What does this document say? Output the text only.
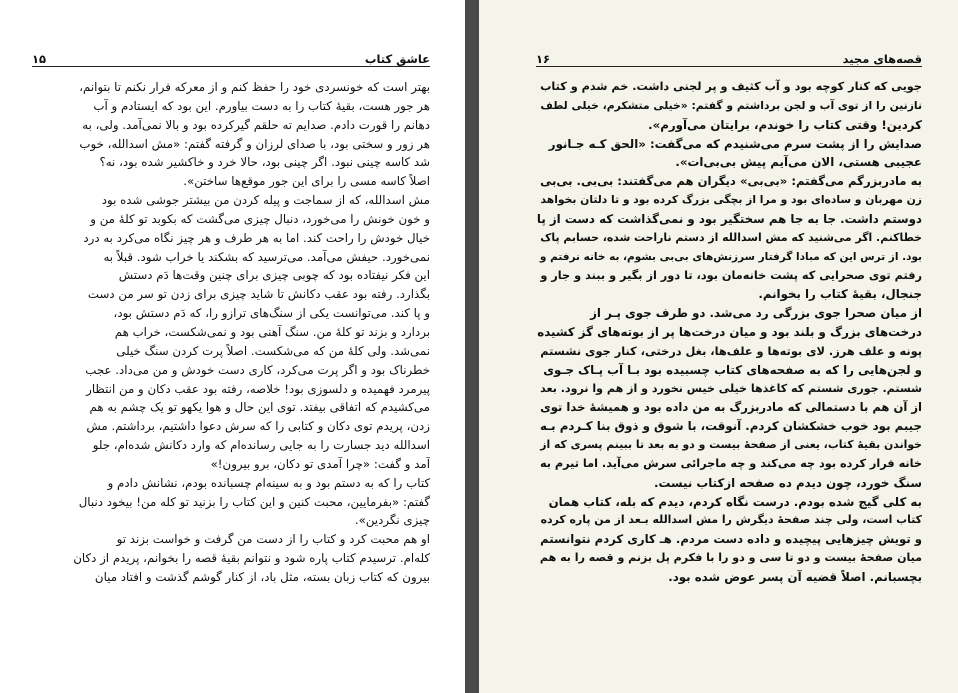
عاشق کتاب
۱۵
بهتر است که خونسردی خود را حفظ کنم و از معرکه فرار نکنم تا بتوانم،
هر جور هست، بقیهٔ کتاب را به دست بیاورم. این بود که ایستادم و آب
دهانم را قورت دادم. صدایم ته حلقم گیرکرده بود و بالا نمی‌آمد. ولی، به
هر زور و سختی بود، با صدای لرزان و گرفته گفتم: «مش اسدالله، خوب
شد کاسه چینی نبود. اگر چینی بود، حالا خرد و خاکشیر شده بود، نه؟
اصلاً کاسه مسی را برای این جور موقع‌ها ساختن».
مش اسدالله، که از سماجت و پیله کردن من بیشتر جوشی شده بود
و خون خونش را می‌خورد، دنبال چیزی می‌گشت که بکوبد تو کلهٔ من و
خیال خودش را راحت کند. اما به هر طرف و هر چیز نگاه می‌کرد به درد
نمی‌خورد. حیفش می‌آمد. می‌ترسید که بشکند یا خراب شود. قبلاً به
این فکر نیفتاده بود که چوبی چیزی برای چنین وقت‌ها دَم دستش
بگذارد. رفته بود عقب دکانش تا شاید چیزی برای زدن تو سر من دست
و پا کند. می‌توانست یکی از سنگ‌های ترازو را، که دَم دستش بود،
بردارد و بزند تو کلهٔ من. سنگ آهنی بود و نمی‌شکست، خراب هم
نمی‌شد. ولی کلهٔ من که می‌شکست. اصلاً پرت کردن سنگ خیلی
خطرناک بود و اگر پرت می‌کرد، کاری دست خودش و من می‌داد. عجب
پیرمرد فهمیده و دلسوزی بود! خلاصه، رفته بود عقب دکان و من انتظار
می‌کشیدم که اتفاقی بیفتد. توی این حال و هوا یکهو تو یک چشم به هم
زدن، پریدم توی دکان و کتابی را که سرش دعوا داشتیم، برداشتم. مش
اسدالله دید جسارت را به جایی رسانده‌ام که وارد دکانش شده‌ام، جلو
آمد و گفت: «چرا آمدی تو دکان، برو بیرون!»
کتاب را که به دستم بود و به سینه‌ام چسبانده بودم، نشانش دادم و
گفتم: «بفرمایین، محبت کنین و این کتاب را بزنید تو کله من! بیخود دنبال
چیزی نگردین».
او هم محبت کرد و کتاب را از دست من گرفت و خواست بزند تو
کله‌ام. ترسیدم کتاب پاره شود و نتوانم بقیهٔ قصه را بخوانم، پریدم از دکان
بیرون که کتاب زبان بسته، مثل باد، از کنار گوشم گذشت و افتاد میان
قصه‌های مجید
۱۶
جویی که کنار کوچه بود و آب کثیف و پر لجنی داشت. خم شدم و کتاب
نازنین را از توی آب و لجن برداشتم و گفتم: «خیلی متشکرم، خیلی لطف
کردین! وقتی کتاب را خوندم، برایتان می‌آورم».
صدایش را از پشت سرم می‌شنیدم که می‌گفت: «الحق کـه جـانور
عجیبی هستی، الان می‌آیم پیش بی‌بی‌ات».
به مادربزرگم می‌گفتم: «بی‌بی» دیگران هم می‌گفتند: بی‌بی. بی‌بی
زن مهربان و ساده‌ای بود و مرا از بچگی بزرگ کرده بود و تا دلتان بخواهد
دوستم داشت. جا به جا هم سختگیر بود و نمی‌گذاشت که دست از پا
خطاکنم. اگر می‌شنید که مش اسدالله از دستم ناراحت شده، حسابم پاک
بود. از ترس این که مبادا گرفتار سرزنش‌های بی‌بی بشوم، به خانه نرفتم و
رفتم توی صحرایی که پشت خانه‌مان بود، تا دور از بگیر و ببند و جار و
جنجال، بقیهٔ کتاب را بخوانم.
از میان صحرا جوی بزرگی رد می‌شد. دو طرف جوی پـر از
درخت‌های بزرگ و بلند بود و میان درخت‌ها پر از بوته‌های گز کشیده
پونه و علف هرز. لای بوته‌ها و علف‌ها، بغل درختی، کنار جوی نشستم
و لجن‌هایی را که به صفحه‌های کتاب چسبیده بود بـا آب پـاک جـوی
شستم. جوری شستم که کاغذها خیلی خیس نخورد و از هم وا نرود. بعد
از آن هم با دستمالی که مادربزرگ به من داده بود و همیشهٔ خدا توی
جیبم بود خوب خشکشان کردم. آنوقت، با شوق و ذوق بنا کـردم بـه
خواندن بقیهٔ کتاب، یعنی از صفحهٔ بیست و دو به بعد تا ببینم پسری که از
خانه فرار کرده بود چه می‌کند و چه ماجرائی سرش می‌آید. اما تیرم به
سنگ خورد، چون دیدم ده صفحه ازکتاب نیست.
به کلی گیج شده بودم. درست نگاه کردم، دیدم که بله، کتاب همان
کتاب است، ولی چند صفحهٔ دیگرش را مش اسدالله بـعد از من پاره کرده
و تویش چیزهایی پیچیده و داده دست مردم. هـ کاری کردم نتوانستم
میان صفحهٔ بیست و دو تا سی و دو را با فکرم پل بزنم و قصه را به هم
بچسبانم. اصلاً قضیه آن پسر عوض شده بود.
